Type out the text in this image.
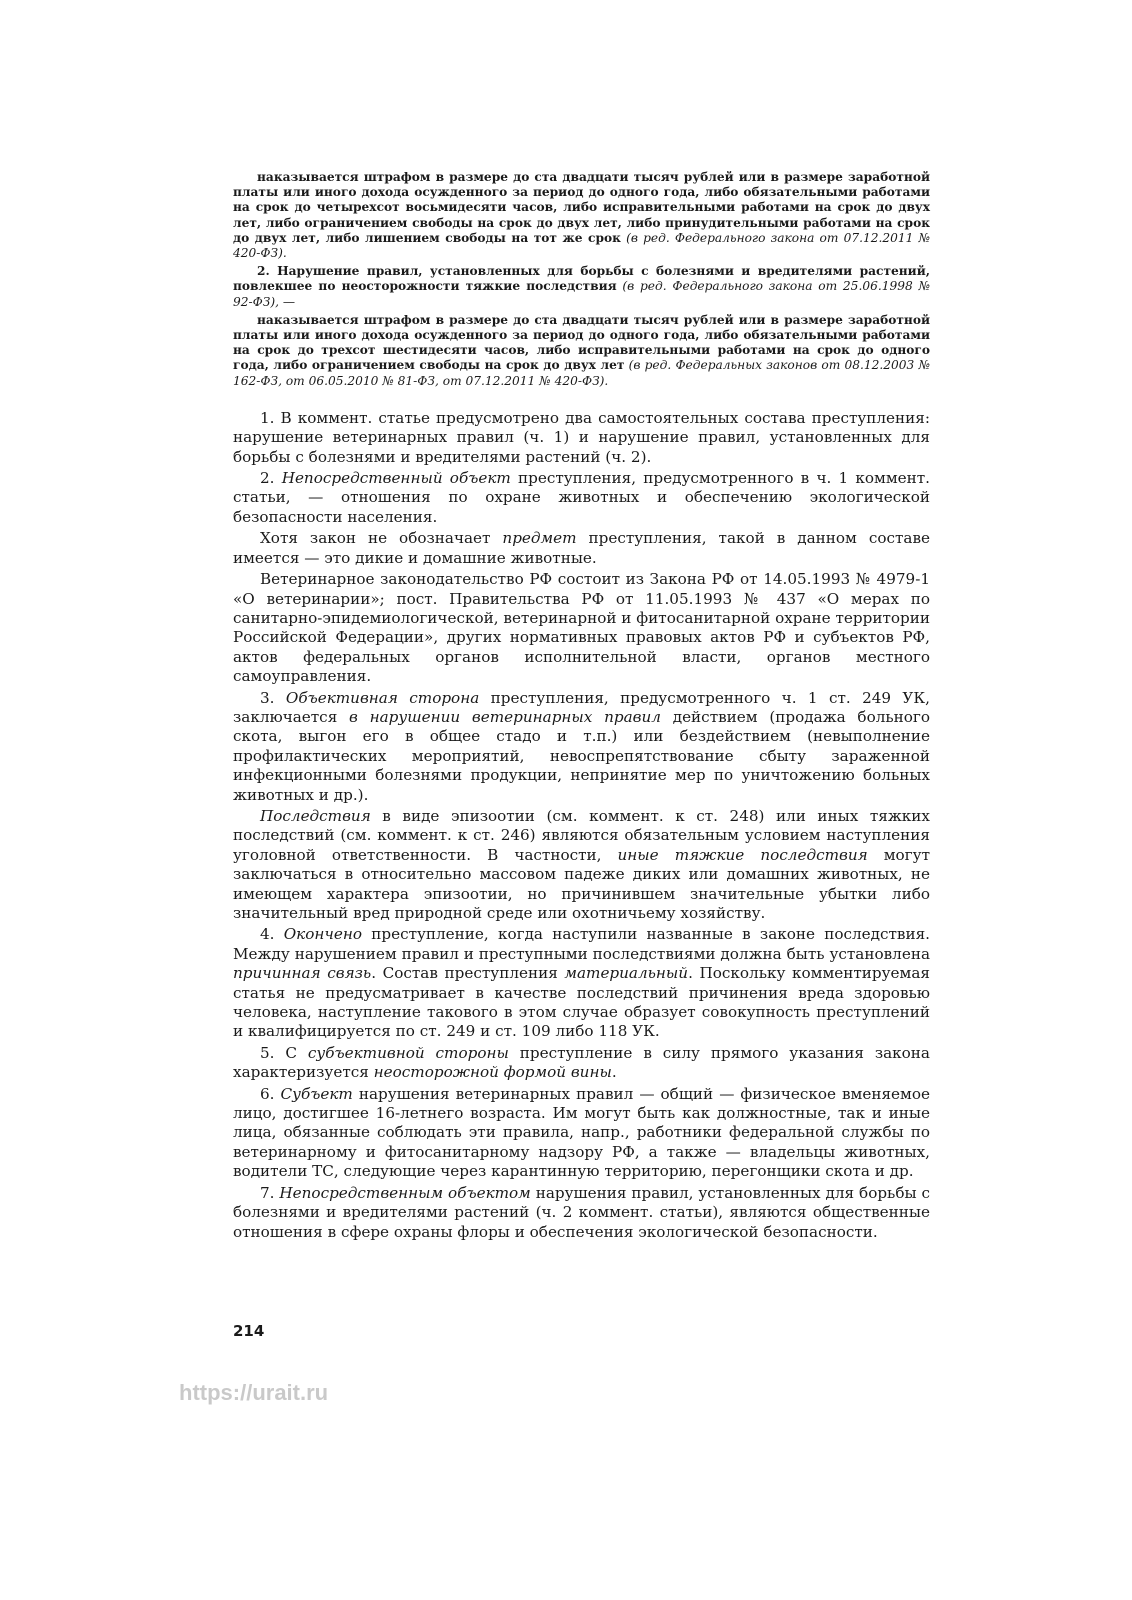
наказывается штрафом в размере до ста двадцати тысяч рублей или в размере заработной платы или иного дохода осужденного за период до одного года, либо обязательными работами на срок до четырехсот восьмидесяти часов, либо исправительными работами на срок до двух лет, либо ограничением свободы на срок до двух лет, либо принудительными работами на срок до двух лет, либо лишением свободы на тот же срок (в ред. Федерального закона от 07.12.2011 № 420-ФЗ).

2. Нарушение правил, установленных для борьбы с болезнями и вредителями растений, повлекшее по неосторожности тяжкие последствия (в ред. Федерального закона от 25.06.1998 № 92-ФЗ), —

наказывается штрафом в размере до ста двадцати тысяч рублей или в размере заработной платы или иного дохода осужденного за период до одного года, либо обязательными работами на срок до трехсот шестидесяти часов, либо исправительными работами на срок до одного года, либо ограничением свободы на срок до двух лет (в ред. Федеральных законов от 08.12.2003 № 162-ФЗ, от 06.05.2010 № 81-ФЗ, от 07.12.2011 № 420-ФЗ).

1. В коммент. статье предусмотрено два самостоятельных состава преступления: нарушение ветеринарных правил (ч. 1) и нарушение правил, установленных для борьбы с болезнями и вредителями растений (ч. 2).

2. Непосредственный объект преступления, предусмотренного в ч. 1 коммент. статьи, — отношения по охране животных и обеспечению экологической безопасности населения.

Хотя закон не обозначает предмет преступления, такой в данном составе имеется — это дикие и домашние животные.

Ветеринарное законодательство РФ состоит из Закона РФ от 14.05.1993 № 4979-1 «О ветеринарии»; пост. Правительства РФ от 11.05.1993 № 437 «О мерах по санитарно-эпидемиологической, ветеринарной и фитосанитарной охране территории Российской Федерации», других нормативных правовых актов РФ и субъектов РФ, актов федеральных органов исполнительной власти, органов местного самоуправления.

3. Объективная сторона преступления, предусмотренного ч. 1 ст. 249 УК, заключается в нарушении ветеринарных правил действием (продажа больного скота, выгон его в общее стадо и т.п.) или бездействием (невыполнение профилактических мероприятий, невоспрепятствование сбыту зараженной инфекционными болезнями продукции, непринятие мер по уничтожению больных животных и др.).

Последствия в виде эпизоотии (см. коммент. к ст. 248) или иных тяжких последствий (см. коммент. к ст. 246) являются обязательным условием наступления уголовной ответственности. В частности, иные тяжкие последствия могут заключаться в относительно массовом падеже диких или домашних животных, не имеющем характера эпизоотии, но причинившем значительные убытки либо значительный вред природной среде или охотничьему хозяйству.

4. Окончено преступление, когда наступили названные в законе последствия. Между нарушением правил и преступными последствиями должна быть установлена причинная связь. Состав преступления материальный. Поскольку комментируемая статья не предусматривает в качестве последствий причинения вреда здоровью человека, наступление такового в этом случае образует совокупность преступлений и квалифицируется по ст. 249 и ст. 109 либо 118 УК.

5. С субъективной стороны преступление в силу прямого указания закона характеризуется неосторожной формой вины.

6. Субъект нарушения ветеринарных правил — общий — физическое вменяемое лицо, достигшее 16-летнего возраста. Им могут быть как должностные, так и иные лица, обязанные соблюдать эти правила, напр., работники федеральной службы по ветеринарному и фитосанитарному надзору РФ, а также — владельцы животных, водители ТС, следующие через карантинную территорию, перегонщики скота и др.

7. Непосредственным объектом нарушения правил, установленных для борьбы с болезнями и вредителями растений (ч. 2 коммент. статьи), являются общественные отношения в сфере охраны флоры и обеспечения экологической безопасности.

214
https://urait.ru
